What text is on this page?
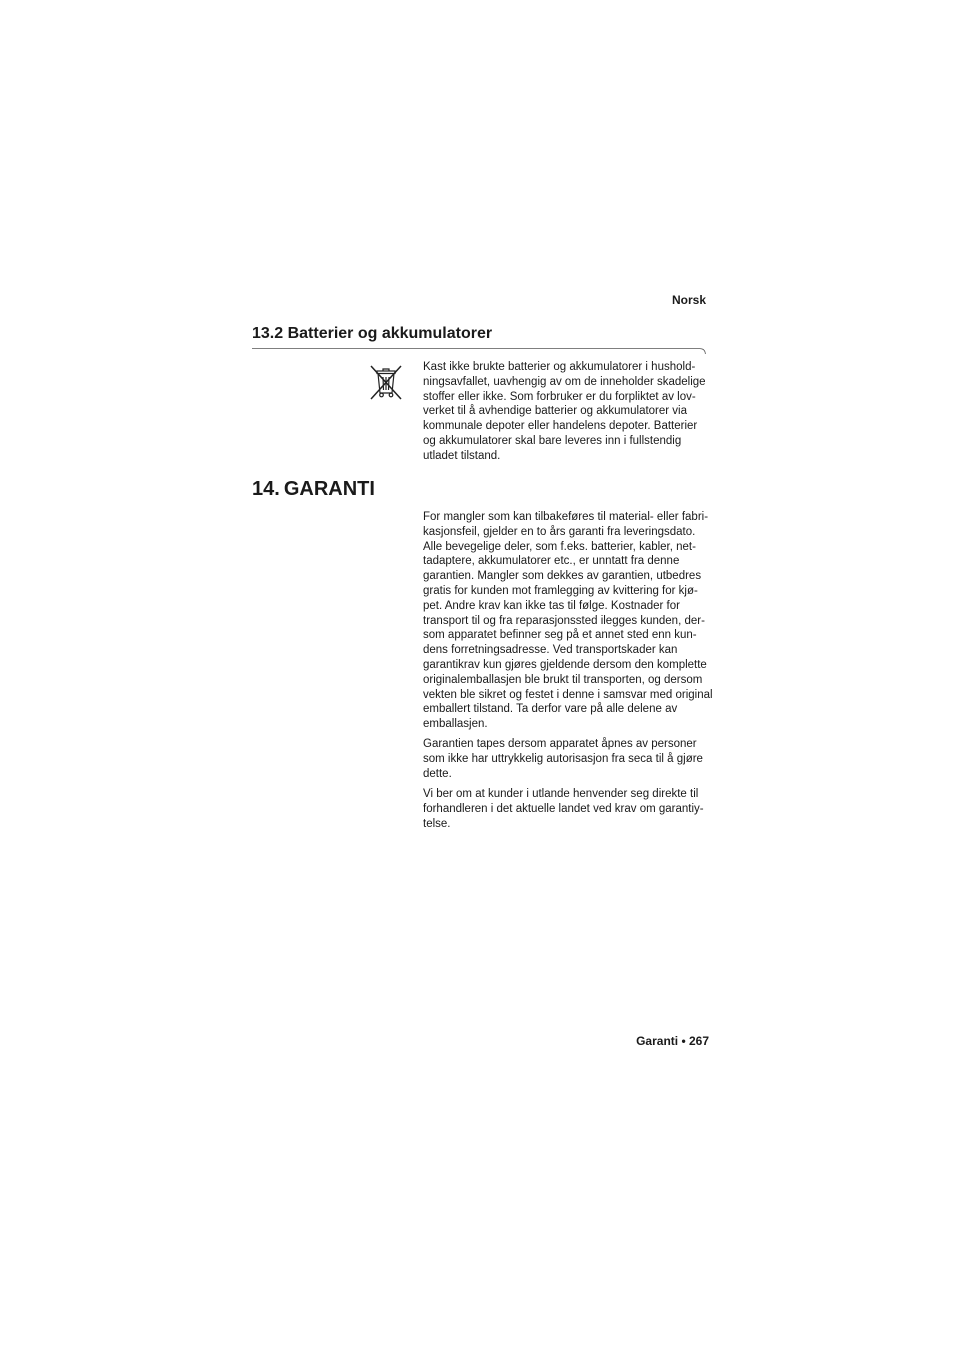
Norsk
13.2 Batterier og akkumulatorer

Kast ikke brukte batterier og akkumulatorer i hushold-ningsavfallet, uavhengig av om de inneholder skadelige stoffer eller ikke. Som forbruker er du forpliktet av lov-verket til å avhendige batterier og akkumulatorer via kommunale depoter eller handelens depoter. Batterier og akkumulatorer skal bare leveres inn i fullstendig utladet tilstand.

14. GARANTI

For mangler som kan tilbakeføres til material- eller fabri-kasjonsfeil, gjelder en to års garanti fra leveringsdato. Alle bevegelige deler, som f.eks. batterier, kabler, net-tadaptere, akkumulatorer etc., er unntatt fra denne garantien. Mangler som dekkes av garantien, utbedres gratis for kunden mot framlegging av kvittering for kjø-pet. Andre krav kan ikke tas til følge. Kostnader for transport til og fra reparasjonssted ilegges kunden, der-som apparatet befinner seg på et annet sted enn kun-dens forretningsadresse. Ved transportskader kan garantikrav kun gjøres gjeldende dersom den komplette originalemballasjen ble brukt til transporten, og dersom vekten ble sikret og festet i denne i samsvar med original emballert tilstand. Ta derfor vare på alle delene av emballasjen.

Garantien tapes dersom apparatet åpnes av personer som ikke har uttrykkelig autorisasjon fra seca til å gjøre dette.

Vi ber om at kunder i utlande henvender seg direkte til forhandleren i det aktuelle landet ved krav om garantiy-telse.

Garanti • 267
